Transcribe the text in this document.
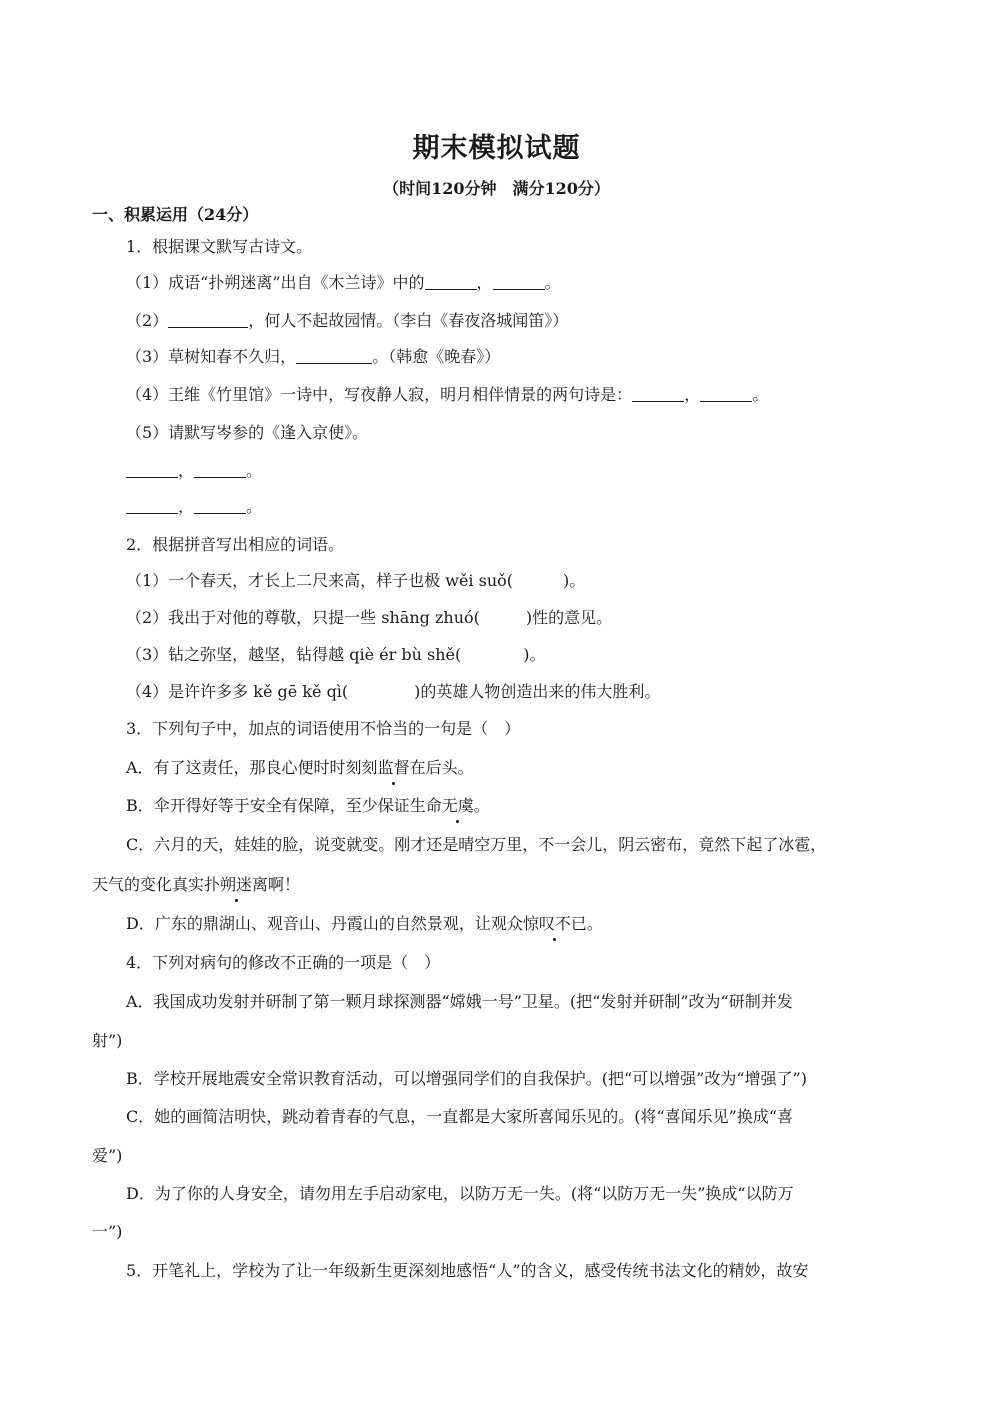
期末模拟试题
（时间120分钟　满分120分）
一、积累运用（24分）
1．根据课文默写古诗文。
（1）成语“扑朔迷离”出自《木兰诗》中的	，	。
（2）	，何人不起故园情。（李白《春夜洛城闻笛》）
（3）草树知春不久归，	。（韩愈《晚春》）
（4）王维《竹里馆》一诗中，写夜静人寂，明月相伴情景的两句诗是：	，	。
（5）请默写岑参的《逢入京使》。
，	。
，	。
2．根据拼音写出相应的词语。
（1）一个春天，才长上二尺来高，样子也极 wěi suǒ(	)。
（2）我出于对他的尊敬，只提一些 shāng zhuó(	)性的意见。
（3）钻之弥坚，越坚，钻得越 qiè ér bù shě(	)。
（4）是许许多多 kě gē kě qì(	)的英雄人物创造出来的伟大胜利。
3．下列句子中，加点的词语使用不恰当的一句是（　）
A．有了这责任，那良心便时时刻刻监督在后头。
B．伞开得好等于安全有保障，至少保证生命无虞。
C．六月的天，娃娃的脸，说变就变。刚才还是晴空万里，不一会儿，阴云密布，竟然下起了冰雹，
天气的变化真实扑朔迷离啊！
D．广东的鼎湖山、观音山、丹霞山的自然景观，让观众惊叹不已。
4．下列对病句的修改不正确的一项是（　）
A．我国成功发射并研制了第一颗月球探测器“嫦娥一号”卫星。(把“发射并研制”改为“研制并发
射”)
B．学校开展地震安全常识教育活动，可以增强同学们的自我保护。(把“可以增强”改为“增强了”)
C．她的画简洁明快，跳动着青春的气息，一直都是大家所喜闻乐见的。(将“喜闻乐见”换成“喜
爱”)
D．为了你的人身安全，请勿用左手启动家电，以防万无一失。(将“以防万无一失”换成“以防万
一”)
5．开笔礼上，学校为了让一年级新生更深刻地感悟“人”的含义，感受传统书法文化的精妙，故安
